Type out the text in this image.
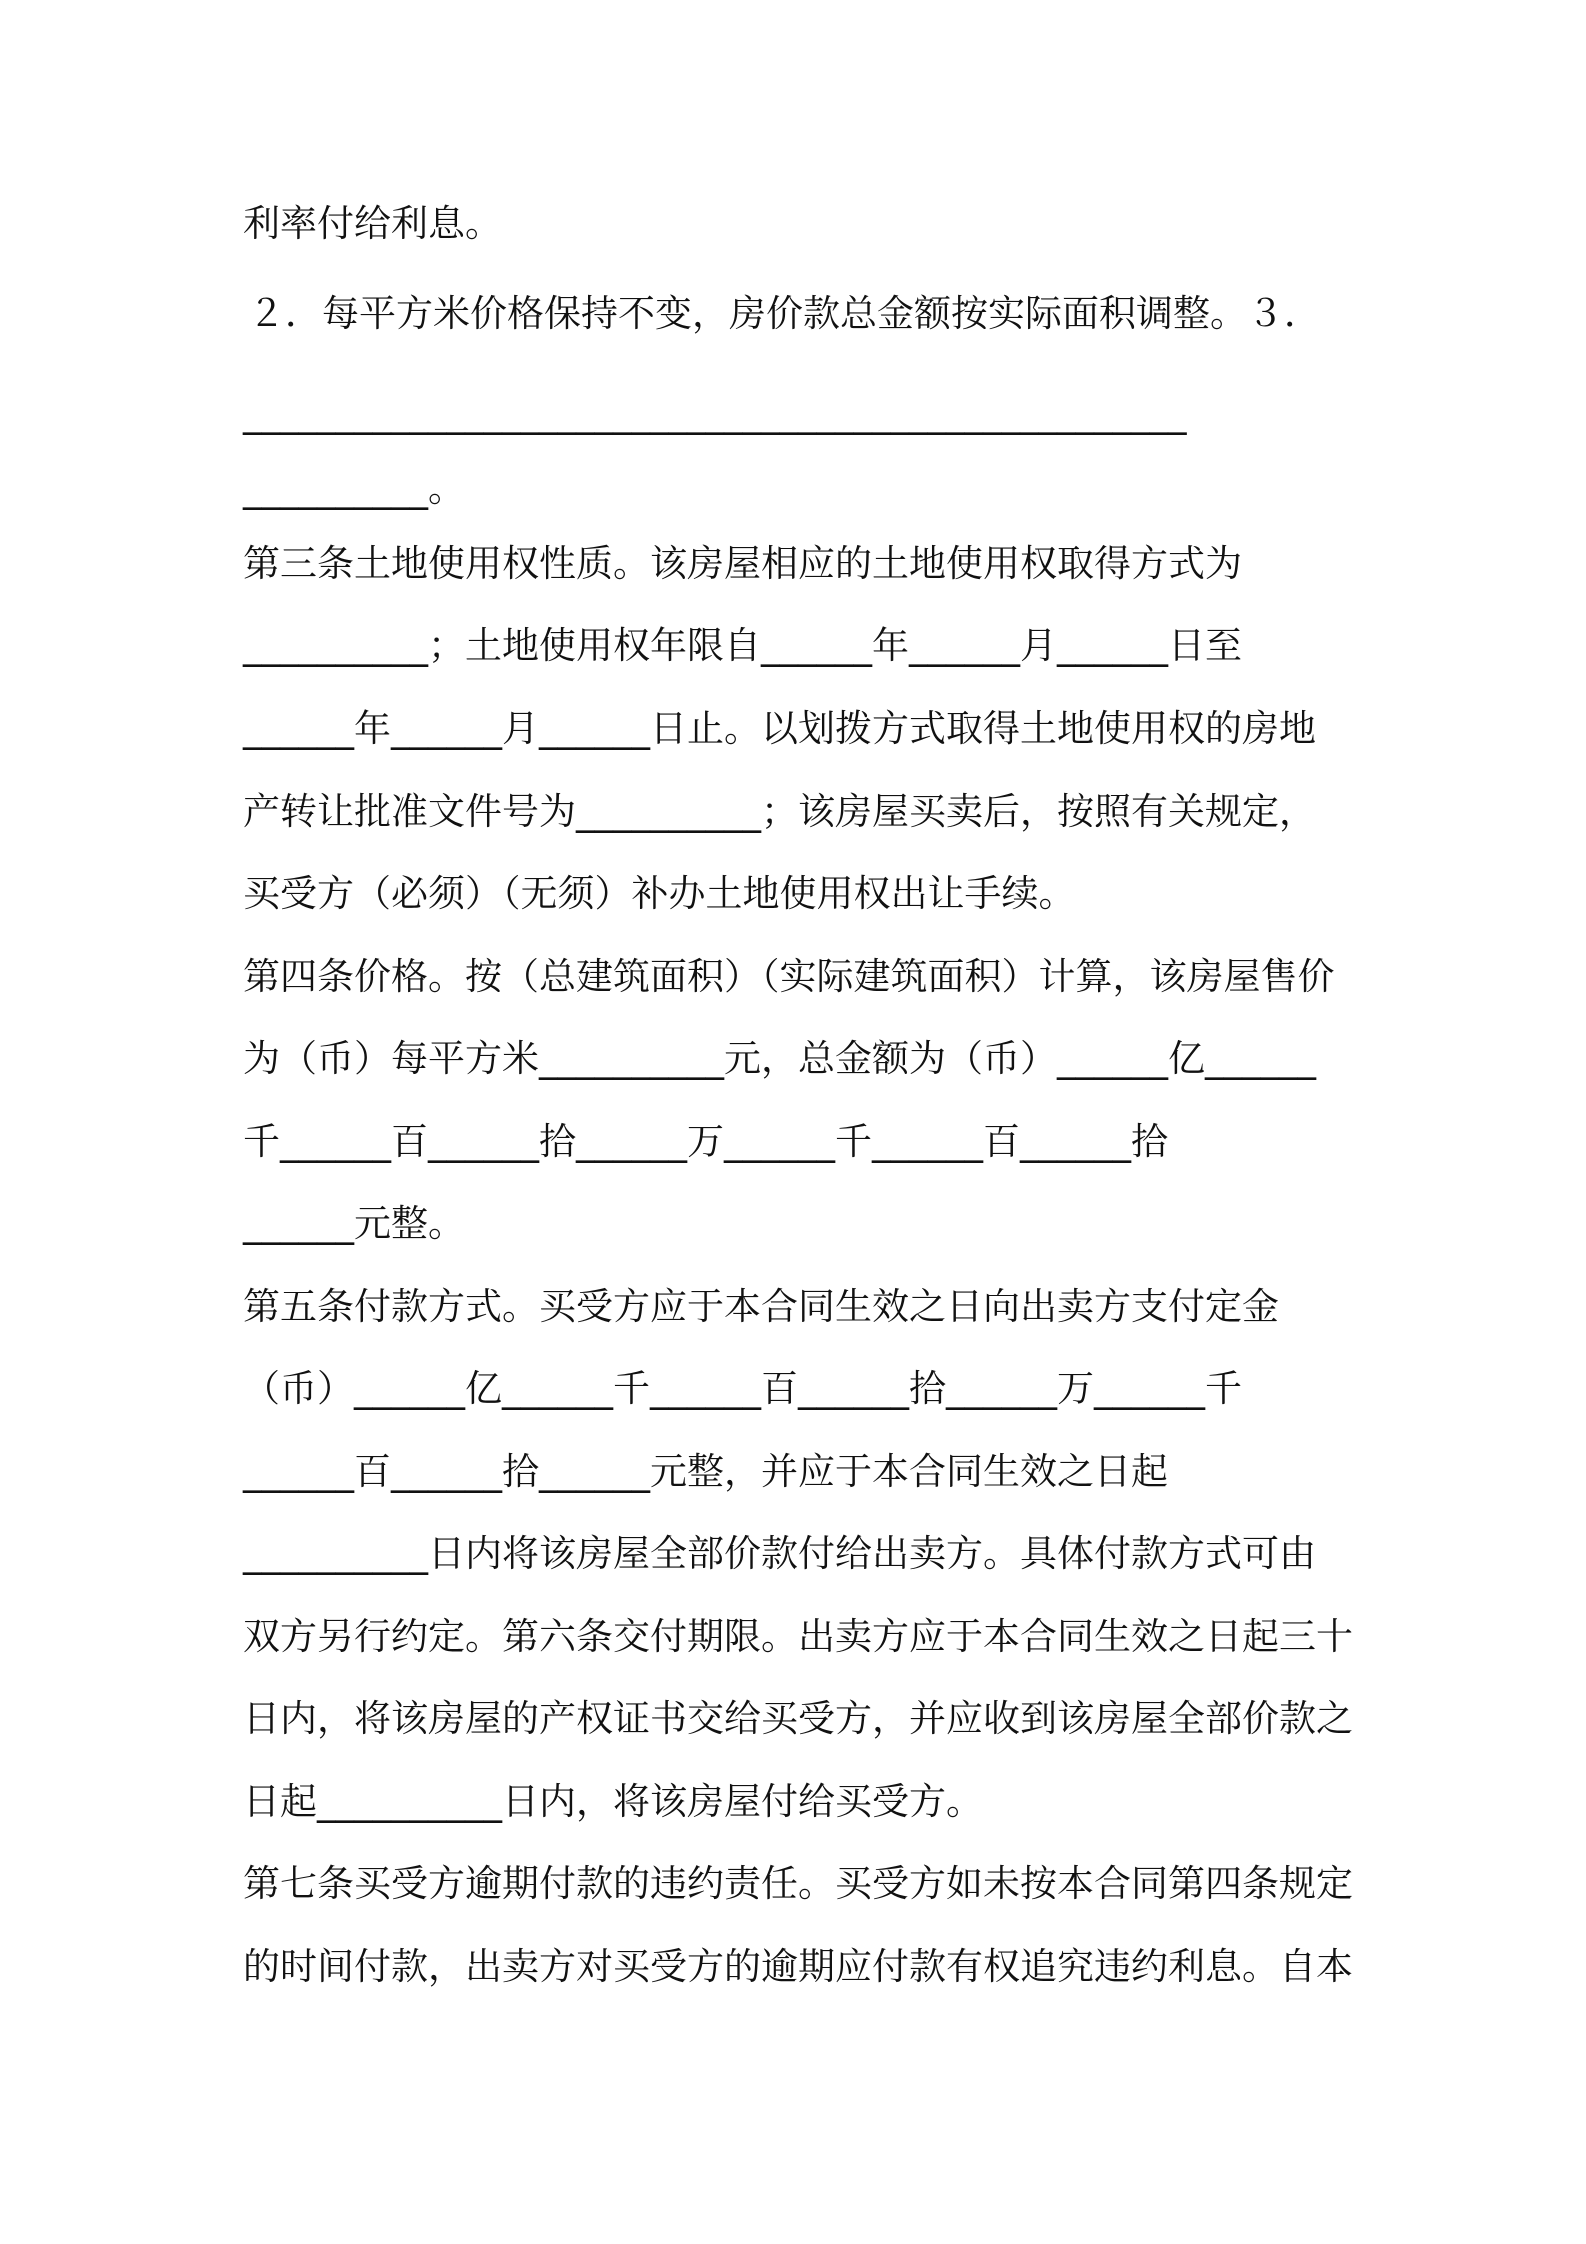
利率付给利息。
２．每平方米价格保持不变，房价款总金额按实际面积调整。３．
___________________________________________________
__________。
第三条土地使用权性质。该房屋相应的土地使用权取得方式为
__________；土地使用权年限自______年______月______日至
______年______月______日止。以划拨方式取得土地使用权的房地
产转让批准文件号为__________；该房屋买卖后，按照有关规定，
买受方（必须）（无须）补办土地使用权出让手续。
第四条价格。按（总建筑面积）（实际建筑面积）计算，该房屋售价
为（币）每平方米__________元，总金额为（币）______亿______
千______百______拾______万______千______百______拾
______元整。
第五条付款方式。买受方应于本合同生效之日向出卖方支付定金
（币）______亿______千______百______拾______万______千
______百______拾______元整，并应于本合同生效之日起
__________日内将该房屋全部价款付给出卖方。具体付款方式可由
双方另行约定。第六条交付期限。出卖方应于本合同生效之日起三十
日内，将该房屋的产权证书交给买受方，并应收到该房屋全部价款之
日起__________日内，将该房屋付给买受方。
第七条买受方逾期付款的违约责任。买受方如未按本合同第四条规定
的时间付款，出卖方对买受方的逾期应付款有权追究违约利息。自本
